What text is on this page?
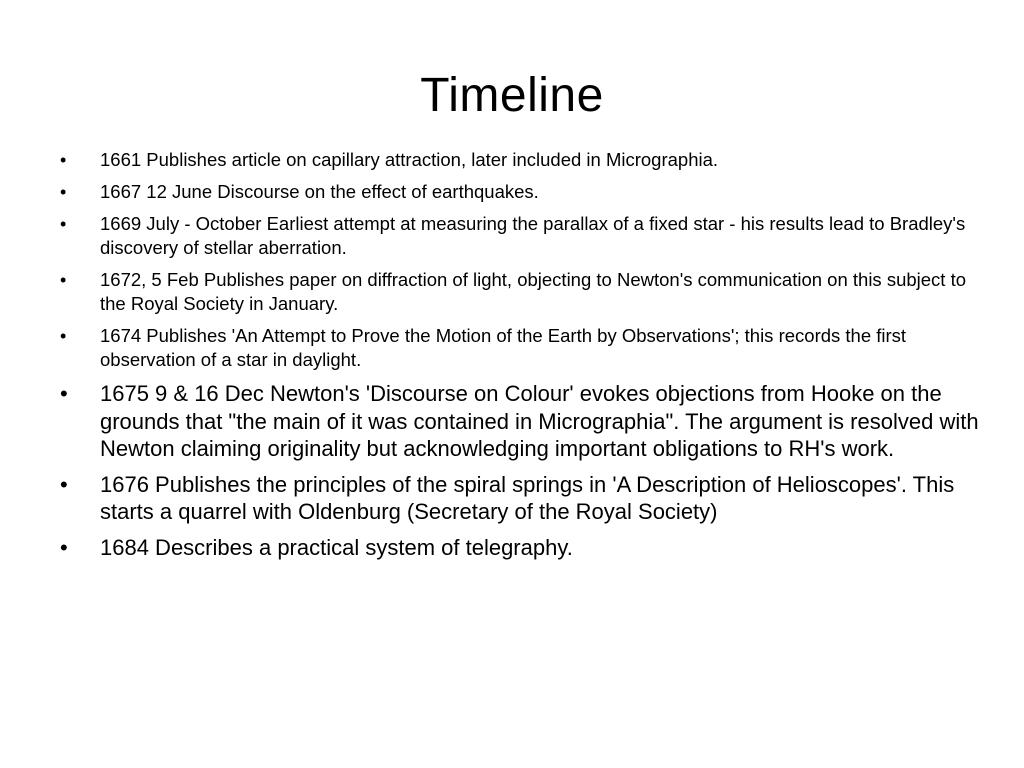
Timeline
• 1661 Publishes article on capillary attraction, later included in Micrographia.
• 1667 12 June Discourse on the effect of earthquakes.
• 1669 July - October Earliest attempt at measuring the parallax of a fixed star - his results lead to Bradley's discovery of stellar aberration.
• 1672, 5 Feb Publishes paper on diffraction of light, objecting to Newton's communication on this subject to the Royal Society in January.
• 1674 Publishes 'An Attempt to Prove the Motion of the Earth by Observations'; this records the first observation of a star in daylight.
• 1675 9 & 16 Dec Newton's 'Discourse on Colour' evokes objections from Hooke on the grounds that "the main of it was contained in Micrographia". The argument is resolved with Newton claiming originality but acknowledging important obligations to RH's work.
• 1676 Publishes the principles of the spiral springs in 'A Description of Helioscopes'. This starts a quarrel with Oldenburg (Secretary of the Royal Society)
• 1684 Describes a practical system of telegraphy.
